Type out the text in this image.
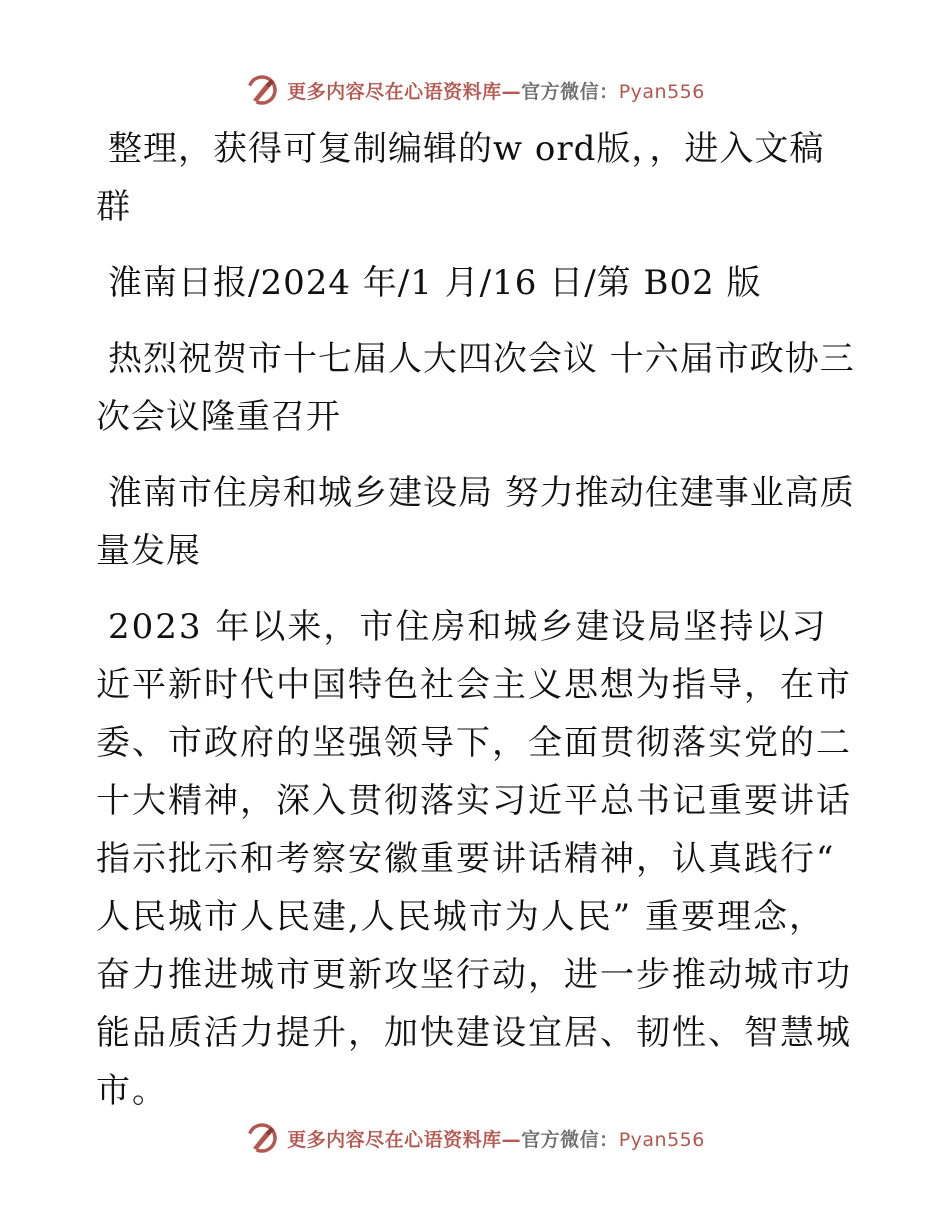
更多内容尽在心语资料库—官方微信：Pyan556

整理，获得可复制编辑的w ord版，，进入文稿群

淮南日报/2024 年/1 月/16 日/第 B02 版

热烈祝贺市十七届人大四次会议 十六届市政协三次会议隆重召开

淮南市住房和城乡建设局 努力推动住建事业高质量发展

2023 年以来，市住房和城乡建设局坚持以习近平新时代中国特色社会主义思想为指导，在市委、市政府的坚强领导下，全面贯彻落实党的二十大精神，深入贯彻落实习近平总书记重要讲话指示批示和考察安徽重要讲话精神，认真践行“ 人民城市人民建,人民城市为人民” 重要理念，奋力推进城市更新攻坚行动，进一步推动城市功能品质活力提升，加快建设宜居、韧性、智慧城市。

更多内容尽在心语资料库—官方微信：Pyan556
